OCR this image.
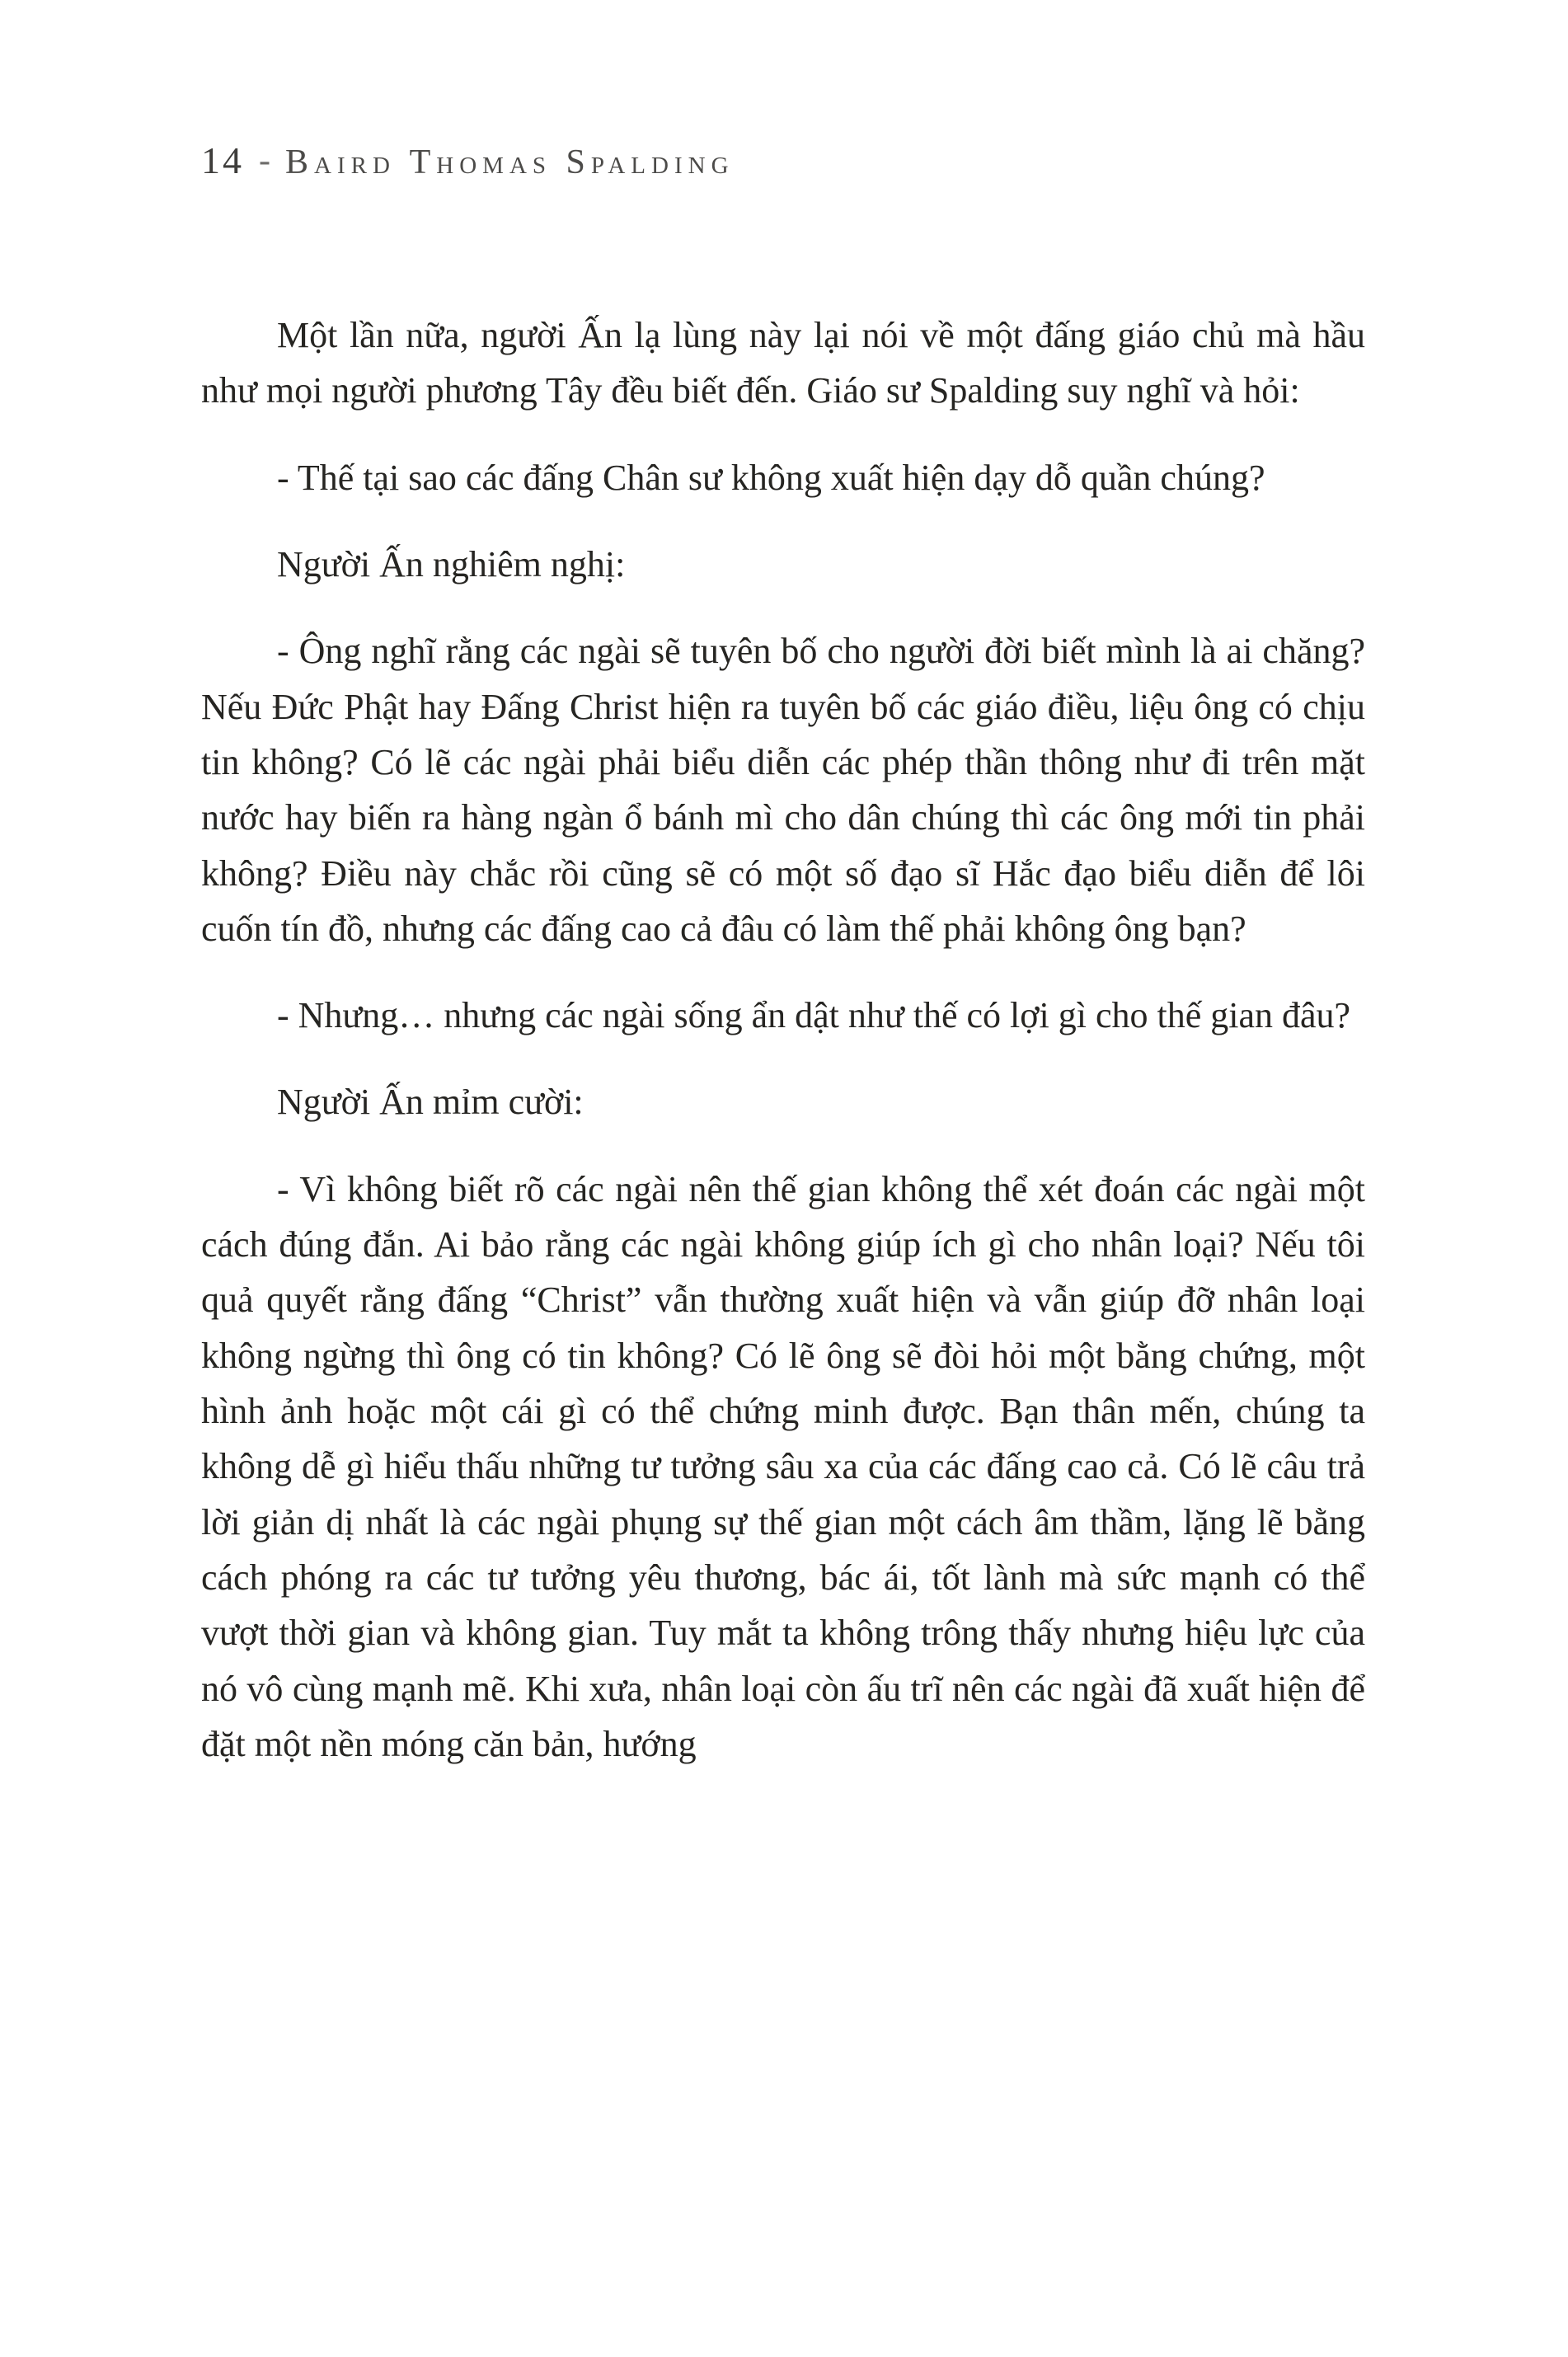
14 - Baird Thomas Spalding

Một lần nữa, người Ấn lạ lùng này lại nói về một đấng giáo chủ mà hầu như mọi người phương Tây đều biết đến. Giáo sư Spalding suy nghĩ và hỏi:

- Thế tại sao các đấng Chân sư không xuất hiện dạy dỗ quần chúng?

Người Ấn nghiêm nghị:

- Ông nghĩ rằng các ngài sẽ tuyên bố cho người đời biết mình là ai chăng? Nếu Đức Phật hay Đấng Christ hiện ra tuyên bố các giáo điều, liệu ông có chịu tin không? Có lẽ các ngài phải biểu diễn các phép thần thông như đi trên mặt nước hay biến ra hàng ngàn ổ bánh mì cho dân chúng thì các ông mới tin phải không? Điều này chắc rồi cũng sẽ có một số đạo sĩ Hắc đạo biểu diễn để lôi cuốn tín đồ, nhưng các đấng cao cả đâu có làm thế phải không ông bạn?

- Nhưng… nhưng các ngài sống ẩn dật như thế có lợi gì cho thế gian đâu?

Người Ấn mỉm cười:

- Vì không biết rõ các ngài nên thế gian không thể xét đoán các ngài một cách đúng đắn. Ai bảo rằng các ngài không giúp ích gì cho nhân loại? Nếu tôi quả quyết rằng đấng “Christ” vẫn thường xuất hiện và vẫn giúp đỡ nhân loại không ngừng thì ông có tin không? Có lẽ ông sẽ đòi hỏi một bằng chứng, một hình ảnh hoặc một cái gì có thể chứng minh được. Bạn thân mến, chúng ta không dễ gì hiểu thấu những tư tưởng sâu xa của các đấng cao cả. Có lẽ câu trả lời giản dị nhất là các ngài phụng sự thế gian một cách âm thầm, lặng lẽ bằng cách phóng ra các tư tưởng yêu thương, bác ái, tốt lành mà sức mạnh có thể vượt thời gian và không gian. Tuy mắt ta không trông thấy nhưng hiệu lực của nó vô cùng mạnh mẽ. Khi xưa, nhân loại còn ấu trĩ nên các ngài đã xuất hiện để đặt một nền móng căn bản, hướng
